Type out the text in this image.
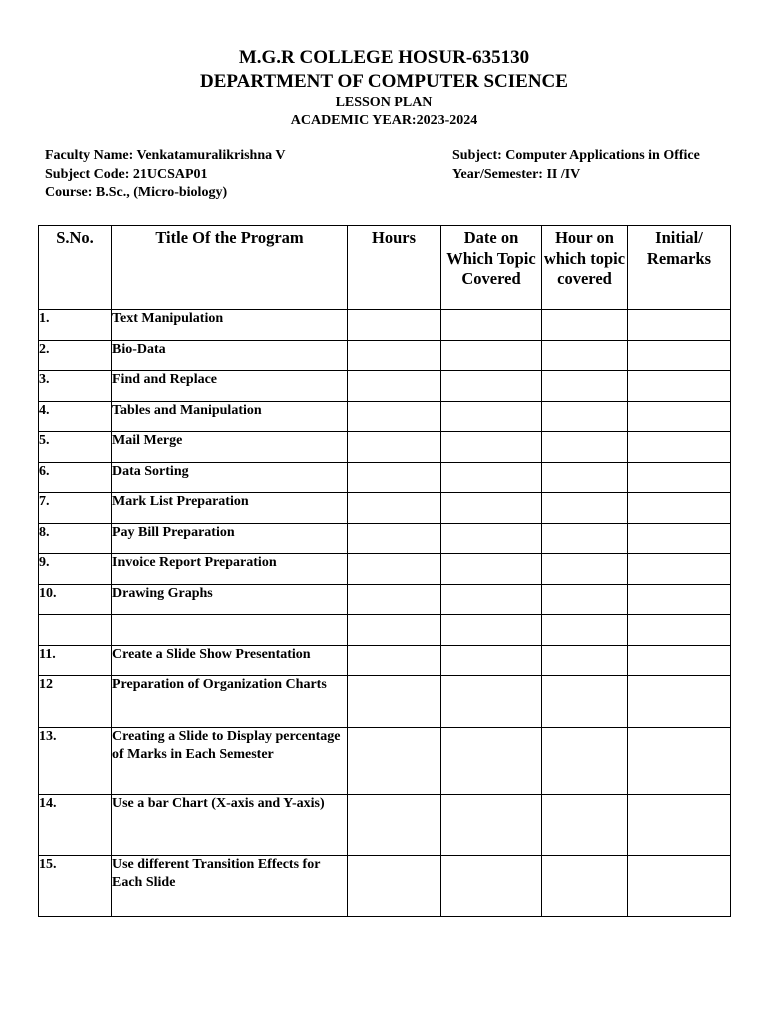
M.G.R COLLEGE HOSUR-635130
DEPARTMENT OF COMPUTER SCIENCE
LESSON PLAN
ACADEMIC YEAR:2023-2024
Faculty Name: Venkatamuralikrishna V
Subject Code: 21UCSAP01
Course: B.Sc., (Micro-biology)
Subject: Computer Applications in Office
Year/Semester: II /IV
S.No.	Title Of the Program	Hours	Date on Which Topic Covered	Hour on which topic covered	Initial/ Remarks
1.	Text Manipulation				
2.	Bio-Data				
3.	Find and Replace				
4.	Tables and Manipulation				
5.	Mail Merge				
6.	Data Sorting				
7.	Mark List Preparation				
8.	Pay Bill Preparation				
9.	Invoice Report Preparation				
10.	Drawing Graphs				

11.	Create a Slide Show Presentation				
12	Preparation of Organization Charts				
13.	Creating a Slide to Display percentage of Marks in Each Semester				
14.	Use a bar Chart (X-axis and Y-axis)				
15.	Use different Transition Effects for Each Slide				
